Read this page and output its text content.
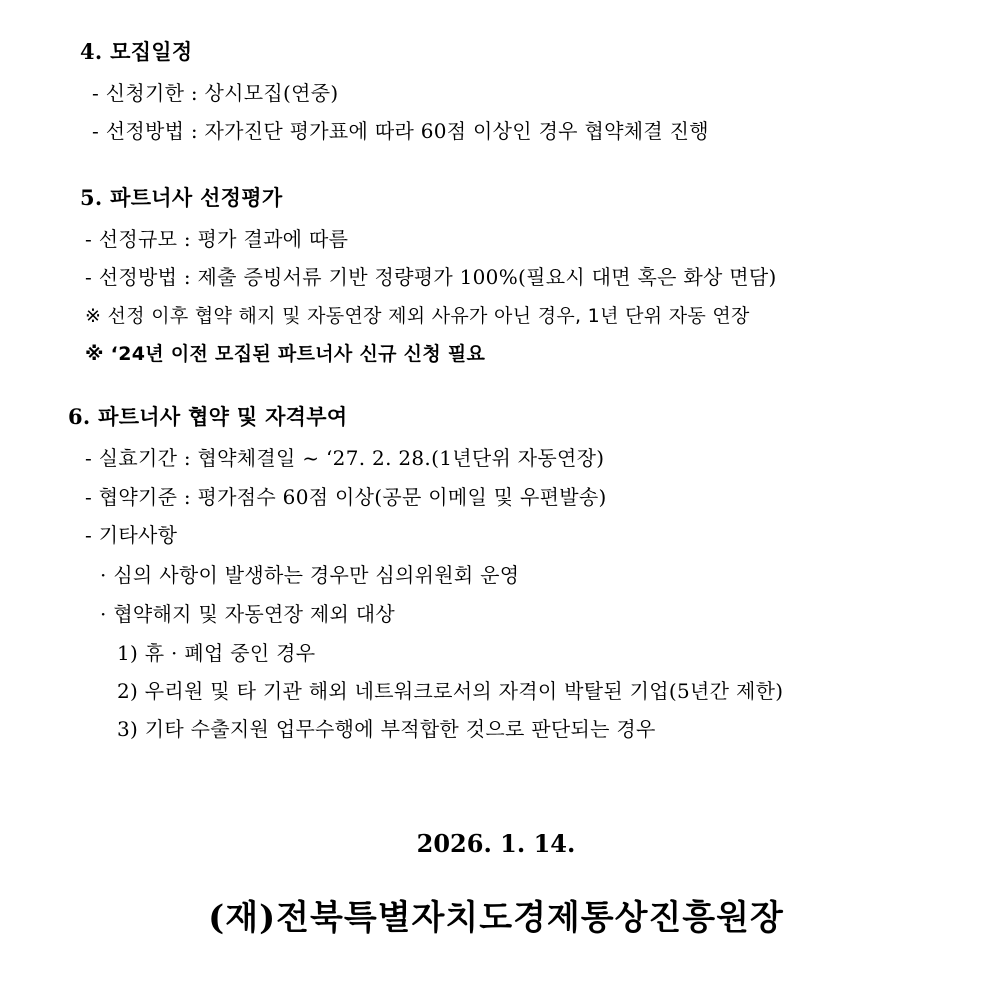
4. 모집일정
- 신청기한 : 상시모집(연중)
- 선정방법 : 자가진단 평가표에 따라 60점 이상인 경우 협약체결 진행
5. 파트너사 선정평가
- 선정규모 : 평가 결과에 따름
- 선정방법 : 제출 증빙서류 기반 정량평가 100%(필요시 대면 혹은 화상 면담)
※ 선정 이후 협약 해지 및 자동연장 제외 사유가 아닌 경우, 1년 단위 자동 연장
※ ‘24년 이전 모집된 파트너사 신규 신청 필요
6. 파트너사 협약 및 자격부여
- 실효기간 : 협약체결일 ~ ‘27. 2. 28.(1년단위 자동연장)
- 협약기준 : 평가점수 60점 이상(공문 이메일 및 우편발송)
- 기타사항
· 심의 사항이 발생하는 경우만 심의위원회 운영
· 협약해지 및 자동연장 제외 대상
1) 휴 · 폐업 중인 경우
2) 우리원 및 타 기관 해외 네트워크로서의 자격이 박탈된 기업(5년간 제한)
3) 기타 수출지원 업무수행에 부적합한 것으로 판단되는 경우
2026. 1. 14.
(재)전북특별자치도경제통상진흥원장
